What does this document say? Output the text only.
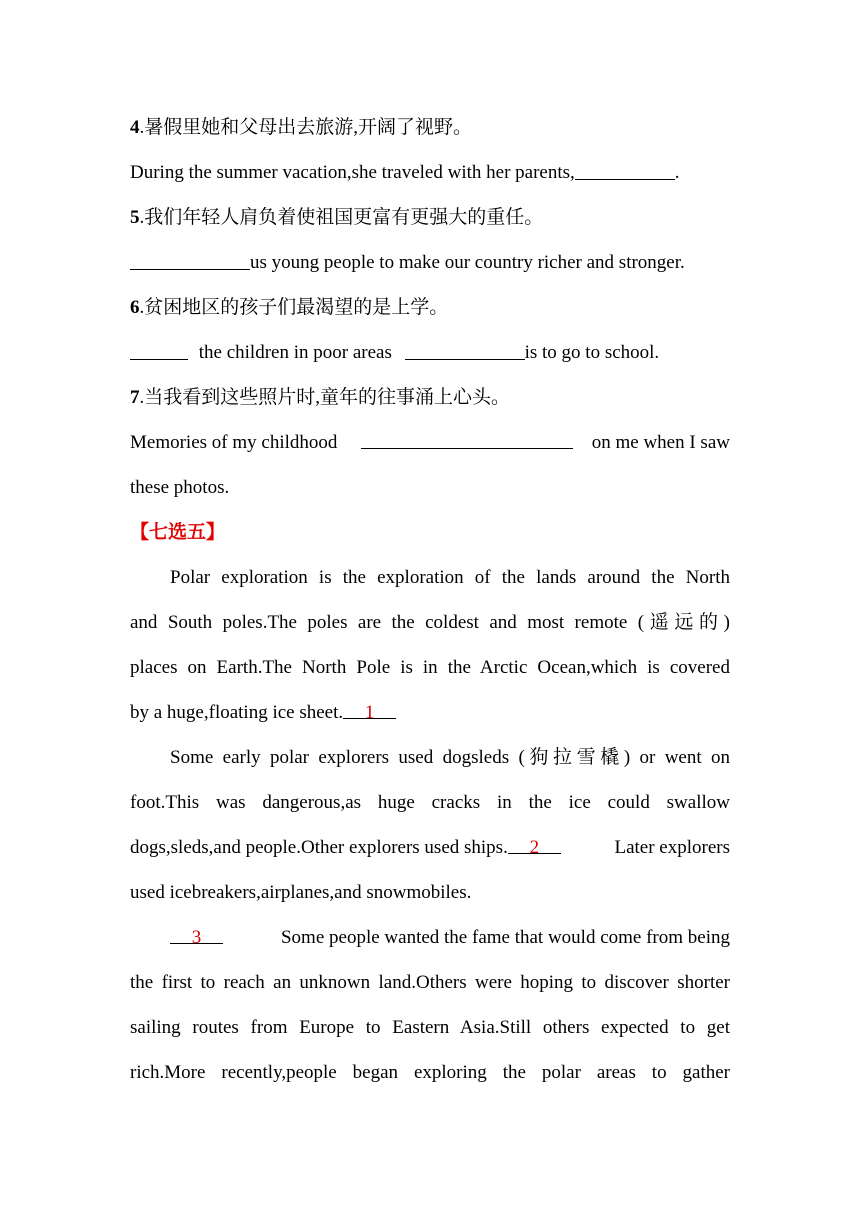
4.暑假里她和父母出去旅游,开阔了视野。
During the summer vacation,she traveled with her parents,	.
5.我们年轻人肩负着使祖国更富有更强大的重任。
us young people to make our country richer and stronger.
6.贫困地区的孩子们最渴望的是上学。
the children in poor areas	is to go to school.
7.当我看到这些照片时,童年的往事涌上心头。
Memories of my childhood	on me when I saw
these photos.
【七选五】
Polar exploration is the exploration of the lands around the North
and South poles.The poles are the coldest and most remote (遥远的)
places on Earth.The North Pole is in the Arctic Ocean,which is covered
by a huge,floating ice sheet. 1
Some early polar explorers used dogsleds (狗拉雪橇) or went on
foot.This was dangerous,as huge cracks in the ice could swallow
dogs,sleds,and people.Other explorers used ships. 2	Later explorers
used icebreakers,airplanes,and snowmobiles.
3	Some people wanted the fame that would come from being
the first to reach an unknown land.Others were hoping to discover shorter
sailing routes from Europe to Eastern Asia.Still others expected to get
rich.More recently,people began exploring the polar areas to gather
